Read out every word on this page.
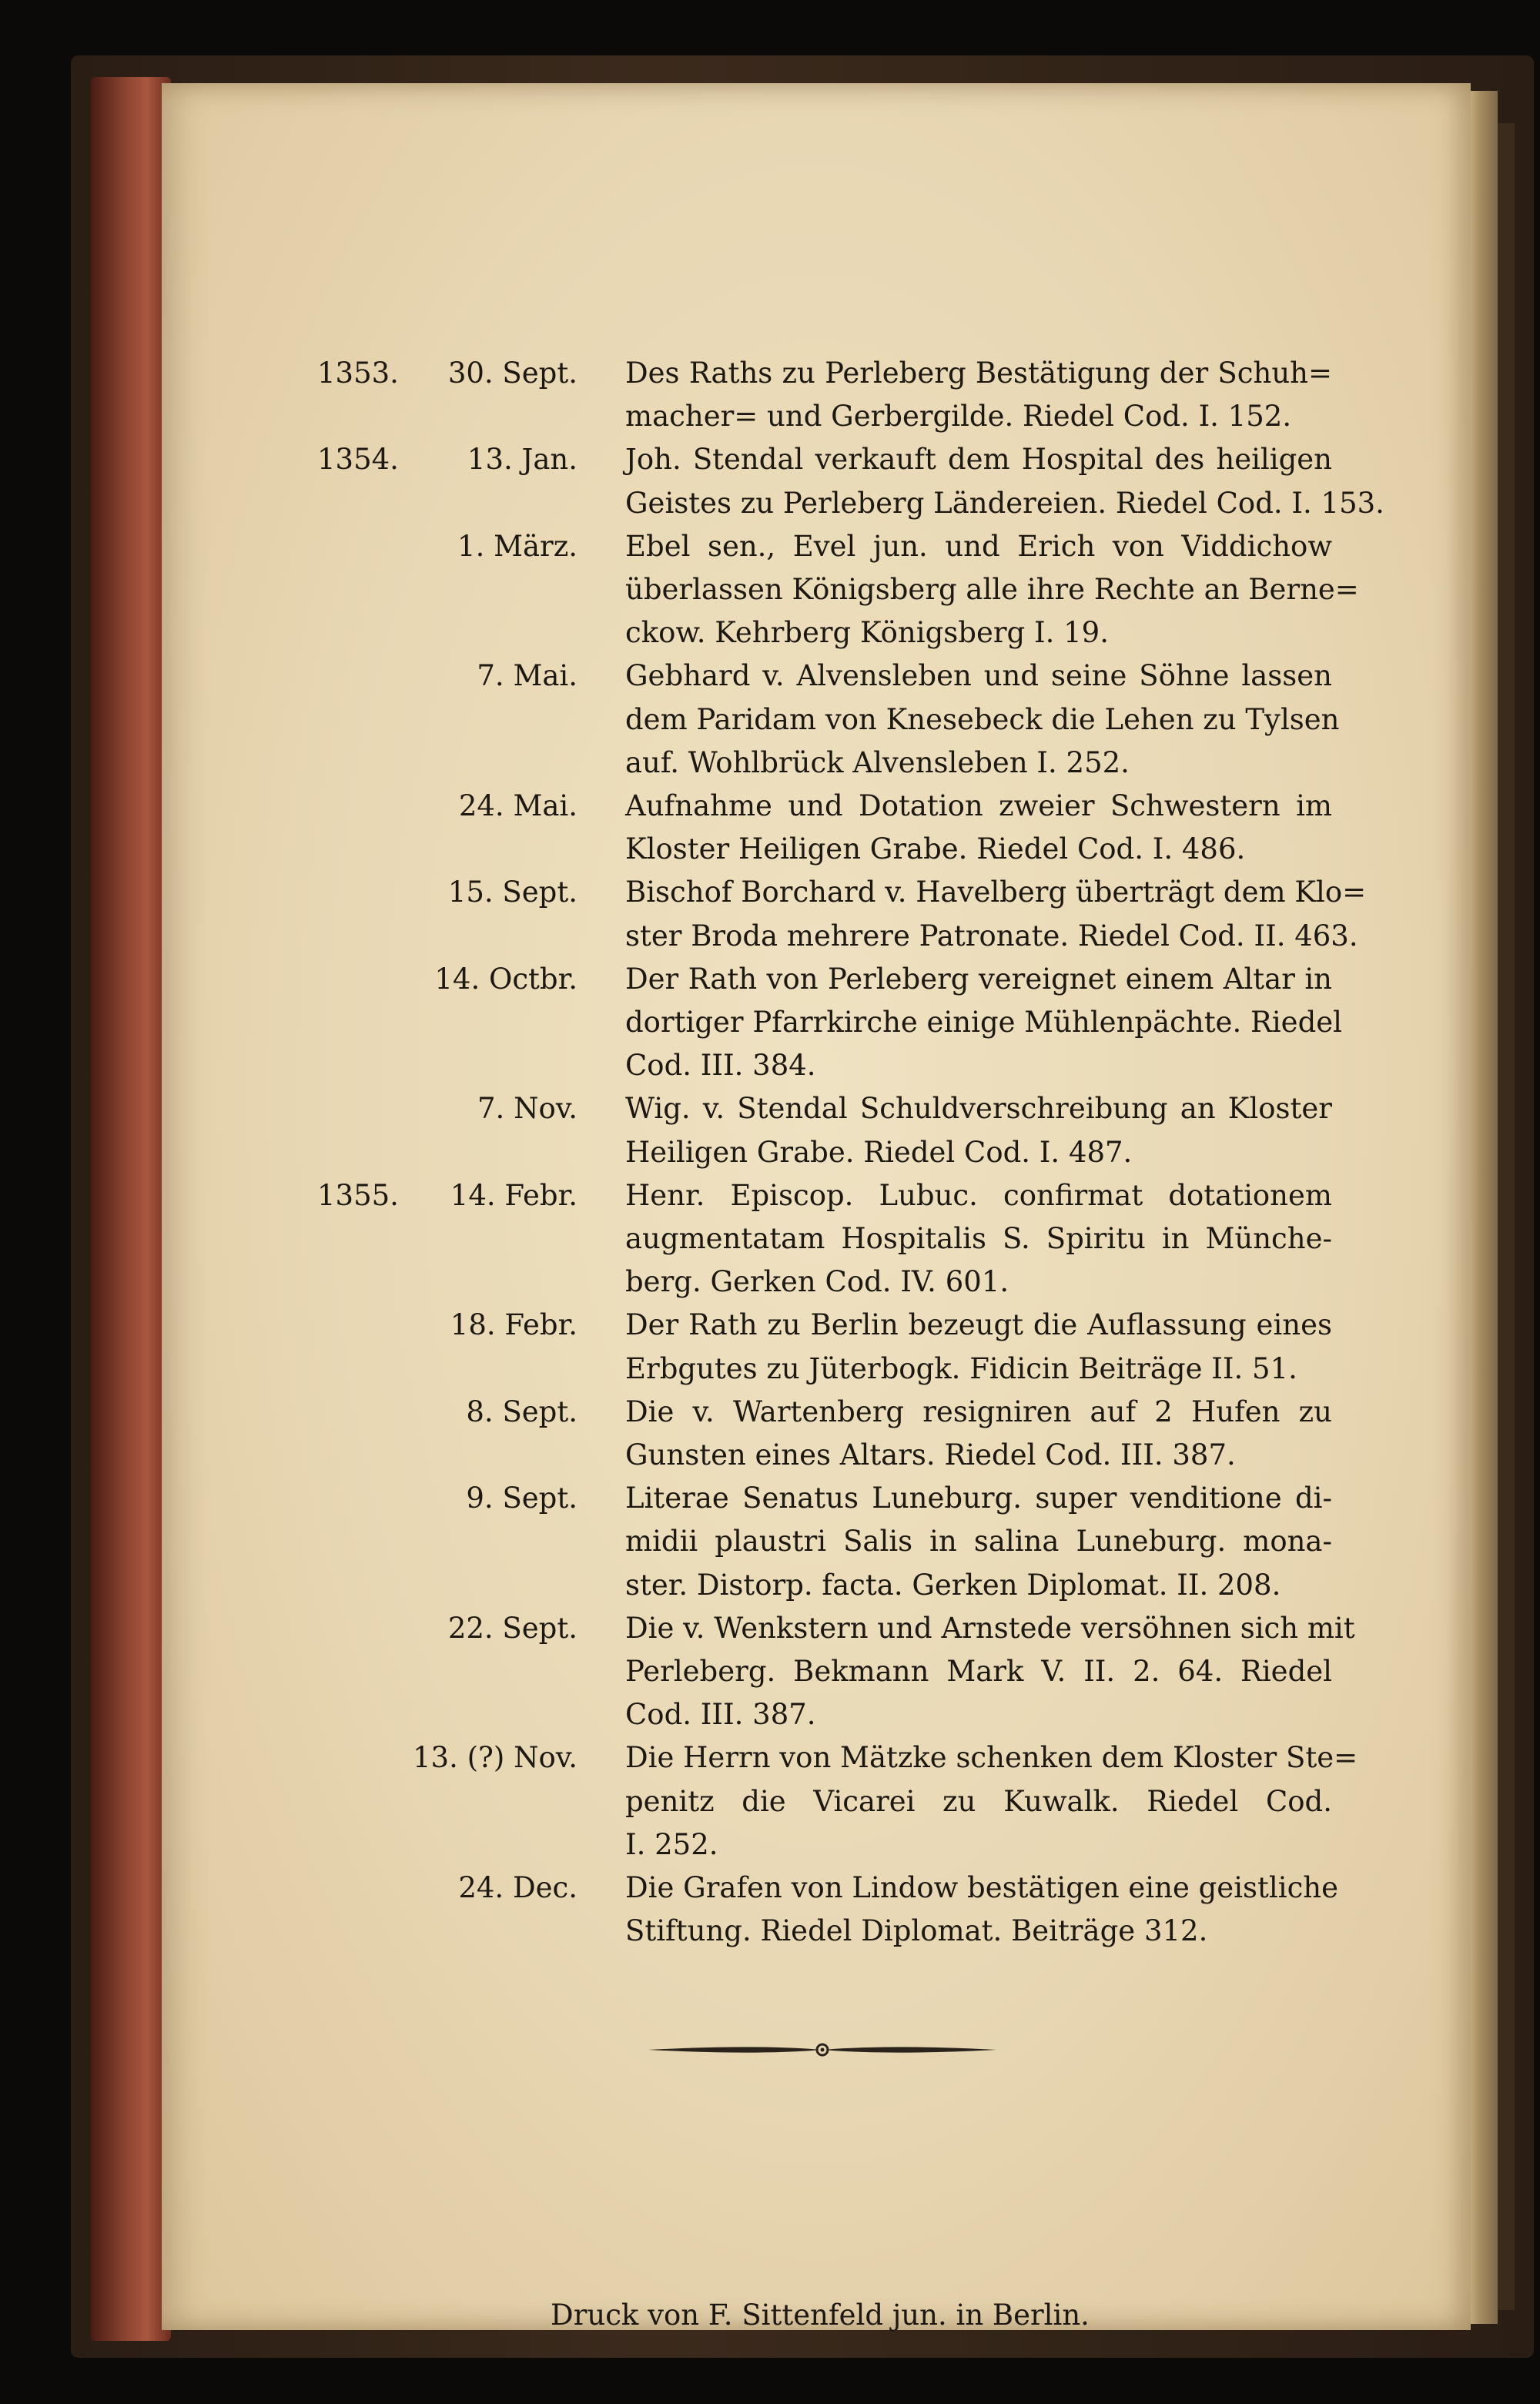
1353. 30. Sept. Des Raths zu Perleberg Bestätigung der Schuh=
macher= und Gerbergilde. Riedel Cod. I. 152.
1354. 13. Jan. Joh. Stendal verkauft dem Hospital des heiligen
Geistes zu Perleberg Ländereien. Riedel Cod. I. 153.
1. März. Ebel sen., Evel jun. und Erich von Viddichow
überlassen Königsberg alle ihre Rechte an Berne=
ckow. Kehrberg Königsberg I. 19.
7. Mai. Gebhard v. Alvensleben und seine Söhne lassen
dem Paridam von Knesebeck die Lehen zu Tylsen
auf. Wohlbrück Alvensleben I. 252.
24. Mai. Aufnahme und Dotation zweier Schwestern im
Kloster Heiligen Grabe. Riedel Cod. I. 486.
15. Sept. Bischof Borchard v. Havelberg überträgt dem Klo=
ster Broda mehrere Patronate. Riedel Cod. II. 463.
14. Octbr. Der Rath von Perleberg vereignet einem Altar in
dortiger Pfarrkirche einige Mühlenpächte. Riedel
Cod. III. 384.
7. Nov. Wig. v. Stendal Schuldverschreibung an Kloster
Heiligen Grabe. Riedel Cod. I. 487.
1355. 14. Febr. Henr. Episcop. Lubuc. confirmat dotationem
augmentatam Hospitalis S. Spiritu in Münche-
berg. Gerken Cod. IV. 601.
18. Febr. Der Rath zu Berlin bezeugt die Auflassung eines
Erbgutes zu Jüterbogk. Fidicin Beiträge II. 51.
8. Sept. Die v. Wartenberg resigniren auf 2 Hufen zu
Gunsten eines Altars. Riedel Cod. III. 387.
9. Sept. Literae Senatus Luneburg. super venditione di-
midii plaustri Salis in salina Luneburg. mona-
ster. Distorp. facta. Gerken Diplomat. II. 208.
22. Sept. Die v. Wenkstern und Arnstede versöhnen sich mit
Perleberg. Bekmann Mark V. II. 2. 64. Riedel
Cod. III. 387.
13. (?) Nov. Die Herrn von Mätzke schenken dem Kloster Ste=
penitz die Vicarei zu Kuwalk. Riedel Cod.
I. 252.
24. Dec. Die Grafen von Lindow bestätigen eine geistliche
Stiftung. Riedel Diplomat. Beiträge 312.
Druck von F. Sittenfeld jun. in Berlin.
